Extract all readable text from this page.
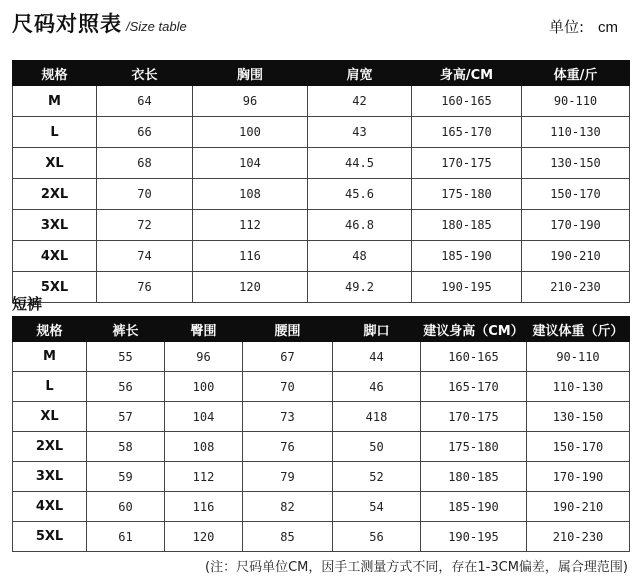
尺码对照表 /Size table	单位: cm
规格	衣长	胸围	肩宽	身高/CM	体重/斤
M	64	96	42	160-165	90-110
L	66	100	43	165-170	110-130
XL	68	104	44.5	170-175	130-150
2XL	70	108	45.6	175-180	150-170
3XL	72	112	46.8	180-185	170-190
4XL	74	116	48	185-190	190-210
5XL	76	120	49.2	190-195	210-230
短裤
规格	裤长	臀围	腰围	脚口	建议身高（CM）	建议体重（斤）
M	55	96	67	44	160-165	90-110
L	56	100	70	46	165-170	110-130
XL	57	104	73	418	170-175	130-150
2XL	58	108	76	50	175-180	150-170
3XL	59	112	79	52	180-185	170-190
4XL	60	116	82	54	185-190	190-210
5XL	61	120	85	56	190-195	210-230
(注：尺码单位CM，因手工测量方式不同，存在1-3CM偏差，属合理范围)
